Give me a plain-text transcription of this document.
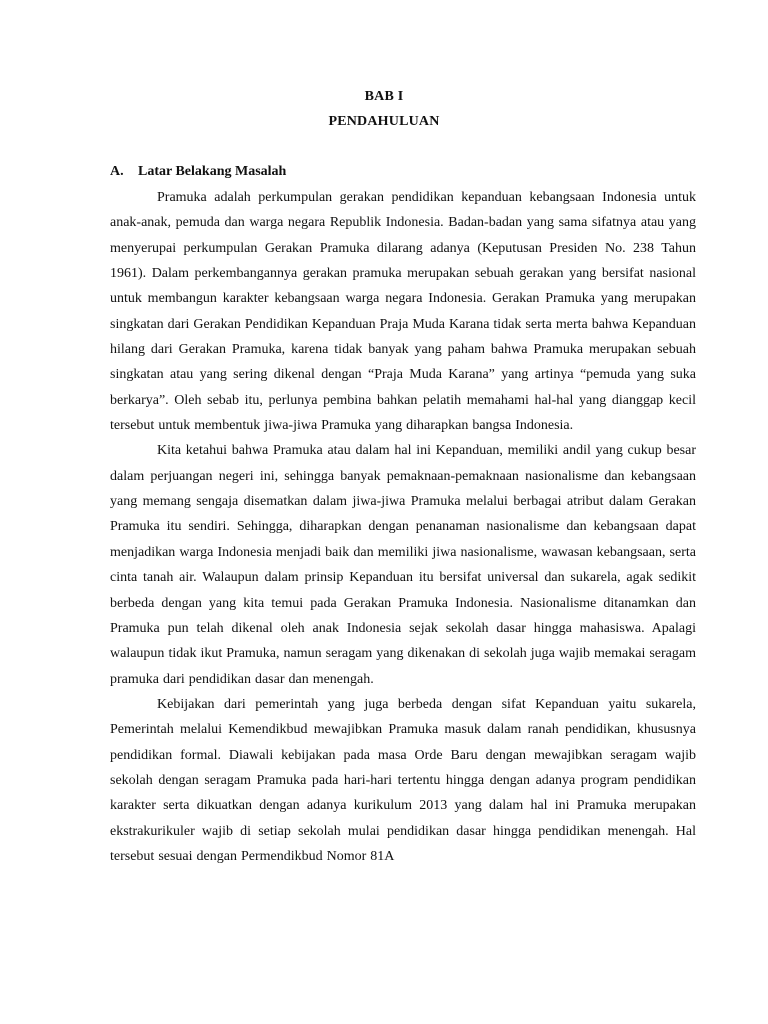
BAB I
PENDAHULUAN
A. Latar Belakang Masalah

Pramuka adalah perkumpulan gerakan pendidikan kepanduan kebangsaan Indonesia untuk anak-anak, pemuda dan warga negara Republik Indonesia. Badan-badan yang sama sifatnya atau yang menyerupai perkumpulan Gerakan Pramuka dilarang adanya (Keputusan Presiden No. 238 Tahun 1961). Dalam perkembangannya gerakan pramuka merupakan sebuah gerakan yang bersifat nasional untuk membangun karakter kebangsaan warga negara Indonesia. Gerakan Pramuka yang merupakan singkatan dari Gerakan Pendidikan Kepanduan Praja Muda Karana tidak serta merta bahwa Kepanduan hilang dari Gerakan Pramuka, karena tidak banyak yang paham bahwa Pramuka merupakan sebuah singkatan atau yang sering dikenal dengan “Praja Muda Karana” yang artinya “pemuda yang suka berkarya”. Oleh sebab itu, perlunya pembina bahkan pelatih memahami hal-hal yang dianggap kecil tersebut untuk membentuk jiwa-jiwa Pramuka yang diharapkan bangsa Indonesia.

Kita ketahui bahwa Pramuka atau dalam hal ini Kepanduan, memiliki andil yang cukup besar dalam perjuangan negeri ini, sehingga banyak pemaknaan-pemaknaan nasionalisme dan kebangsaan yang memang sengaja disematkan dalam jiwa-jiwa Pramuka melalui berbagai atribut dalam Gerakan Pramuka itu sendiri. Sehingga, diharapkan dengan penanaman nasionalisme dan kebangsaan dapat menjadikan warga Indonesia menjadi baik dan memiliki jiwa nasionalisme, wawasan kebangsaan, serta cinta tanah air. Walaupun dalam prinsip Kepanduan itu bersifat universal dan sukarela, agak sedikit berbeda dengan yang kita temui pada Gerakan Pramuka Indonesia. Nasionalisme ditanamkan dan Pramuka pun telah dikenal oleh anak Indonesia sejak sekolah dasar hingga mahasiswa. Apalagi walaupun tidak ikut Pramuka, namun seragam yang dikenakan di sekolah juga wajib memakai seragam pramuka dari pendidikan dasar dan menengah.

Kebijakan dari pemerintah yang juga berbeda dengan sifat Kepanduan yaitu sukarela, Pemerintah melalui Kemendikbud mewajibkan Pramuka masuk dalam ranah pendidikan, khususnya pendidikan formal. Diawali kebijakan pada masa Orde Baru dengan mewajibkan seragam wajib sekolah dengan seragam Pramuka pada hari-hari tertentu hingga dengan adanya program pendidikan karakter serta dikuatkan dengan adanya kurikulum 2013 yang dalam hal ini Pramuka merupakan ekstrakurikuler wajib di setiap sekolah mulai pendidikan dasar hingga pendidikan menengah. Hal tersebut sesuai dengan Permendikbud Nomor 81A
